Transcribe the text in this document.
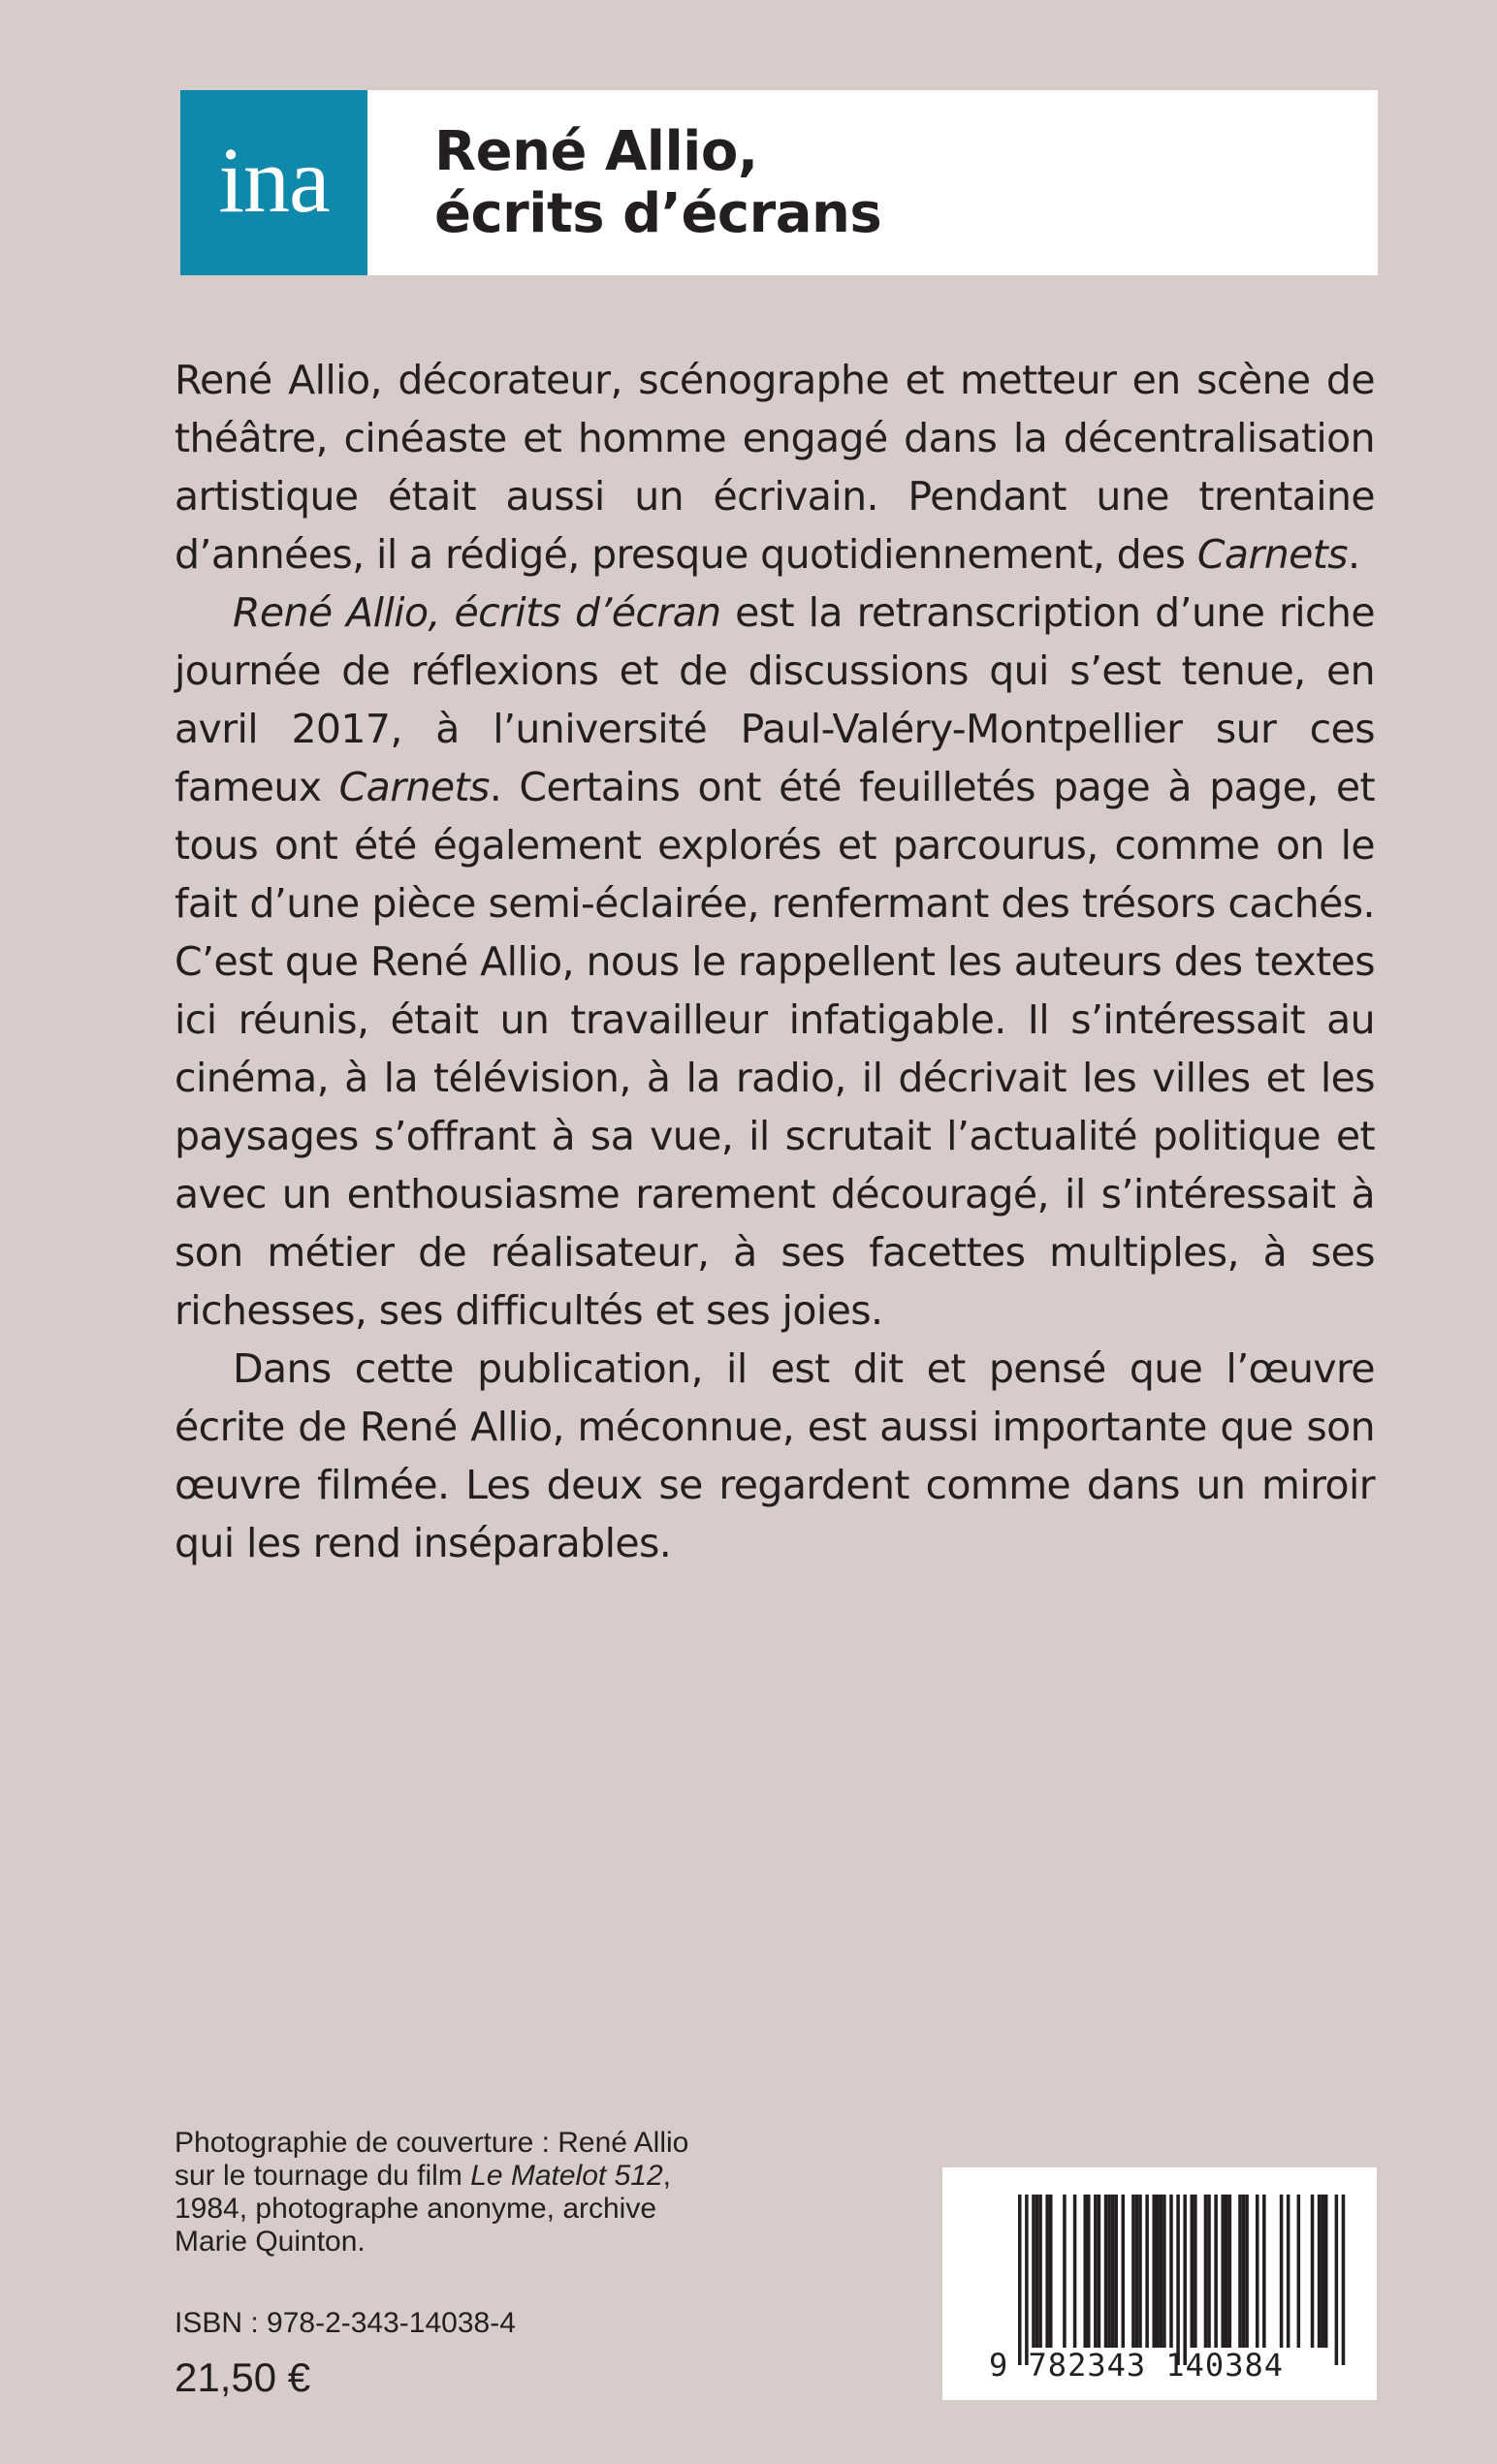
ina René Allio,
écrits d’écrans

René Allio, décorateur, scénographe et metteur en scène de théâtre, cinéaste et homme engagé dans la décentralisation artistique était aussi un écrivain. Pendant une trentaine d’années, il a rédigé, presque quotidiennement, des Carnets.

René Allio, écrits d’écran est la retranscription d’une riche journée de réflexions et de discussions qui s’est tenue, en avril 2017, à l’université Paul-Valéry-Montpellier sur ces fameux Carnets. Certains ont été feuilletés page à page, et tous ont été également explorés et parcourus, comme on le fait d’une pièce semi-éclairée, renfermant des trésors cachés. C’est que René Allio, nous le rappellent les auteurs des textes ici réunis, était un travailleur infatigable. Il s’intéressait au cinéma, à la télévision, à la radio, il décrivait les villes et les paysages s’offrant à sa vue, il scrutait l’actualité politique et avec un enthousiasme rarement découragé, il s’intéressait à son métier de réalisateur, à ses facettes multiples, à ses richesses, ses difficultés et ses joies.

Dans cette publication, il est dit et pensé que l’œuvre écrite de René Allio, méconnue, est aussi importante que son œuvre filmée. Les deux se regardent comme dans un miroir qui les rend inséparables.

Photographie de couverture : René Allio
sur le tournage du film Le Matelot 512,
1984, photographe anonyme, archive
Marie Quinton.
ISBN : 978-2-343-14038-4
21,50 €	9 782343 140384
